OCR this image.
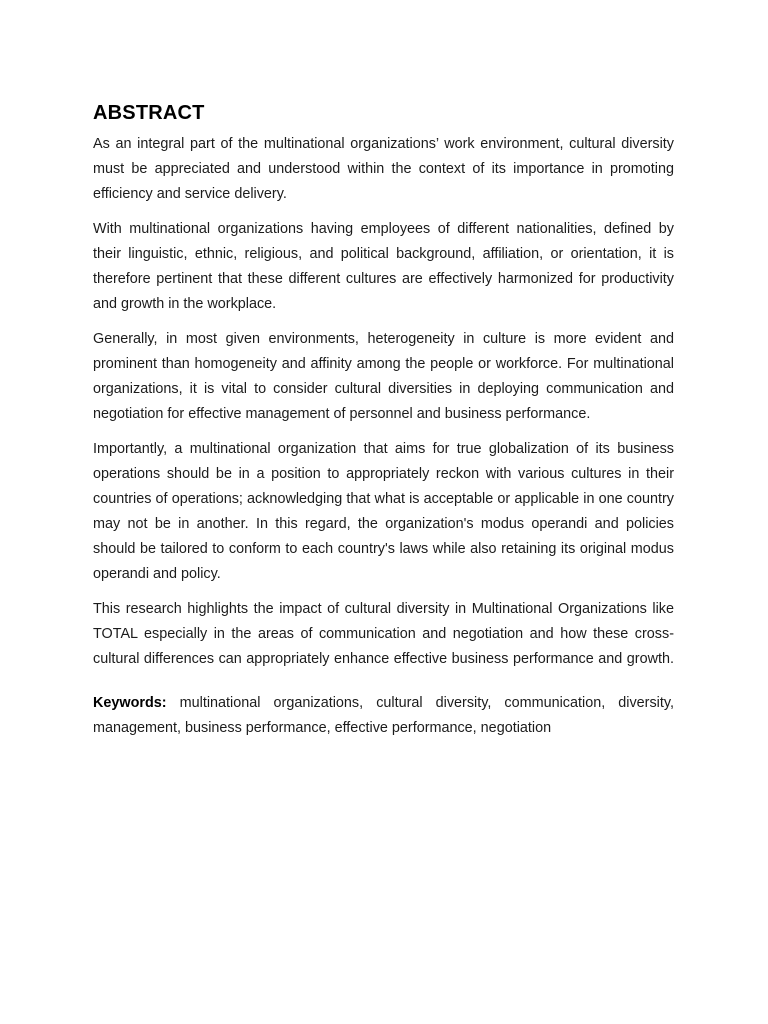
ABSTRACT

As an integral part of the multinational organizations’ work environment, cultural diversity must be appreciated and understood within the context of its importance in promoting efficiency and service delivery.

With multinational organizations having employees of different nationalities, defined by their linguistic, ethnic, religious, and political background, affiliation, or orientation, it is therefore pertinent that these different cultures are effectively harmonized for productivity and growth in the workplace.

Generally, in most given environments, heterogeneity in culture is more evident and prominent than homogeneity and affinity among the people or workforce. For multinational organizations, it is vital to consider cultural diversities in deploying communication and negotiation for effective management of personnel and business performance.

Importantly, a multinational organization that aims for true globalization of its business operations should be in a position to appropriately reckon with various cultures in their countries of operations; acknowledging that what is acceptable or applicable in one country may not be in another. In this regard, the organization's modus operandi and policies should be tailored to conform to each country's laws while also retaining its original modus operandi and policy.

This research highlights the impact of cultural diversity in Multinational Organizations like TOTAL especially in the areas of communication and negotiation and how these cross-cultural differences can appropriately enhance effective business performance and growth.

Keywords: multinational organizations, cultural diversity, communication, diversity, management, business performance, effective performance, negotiation
